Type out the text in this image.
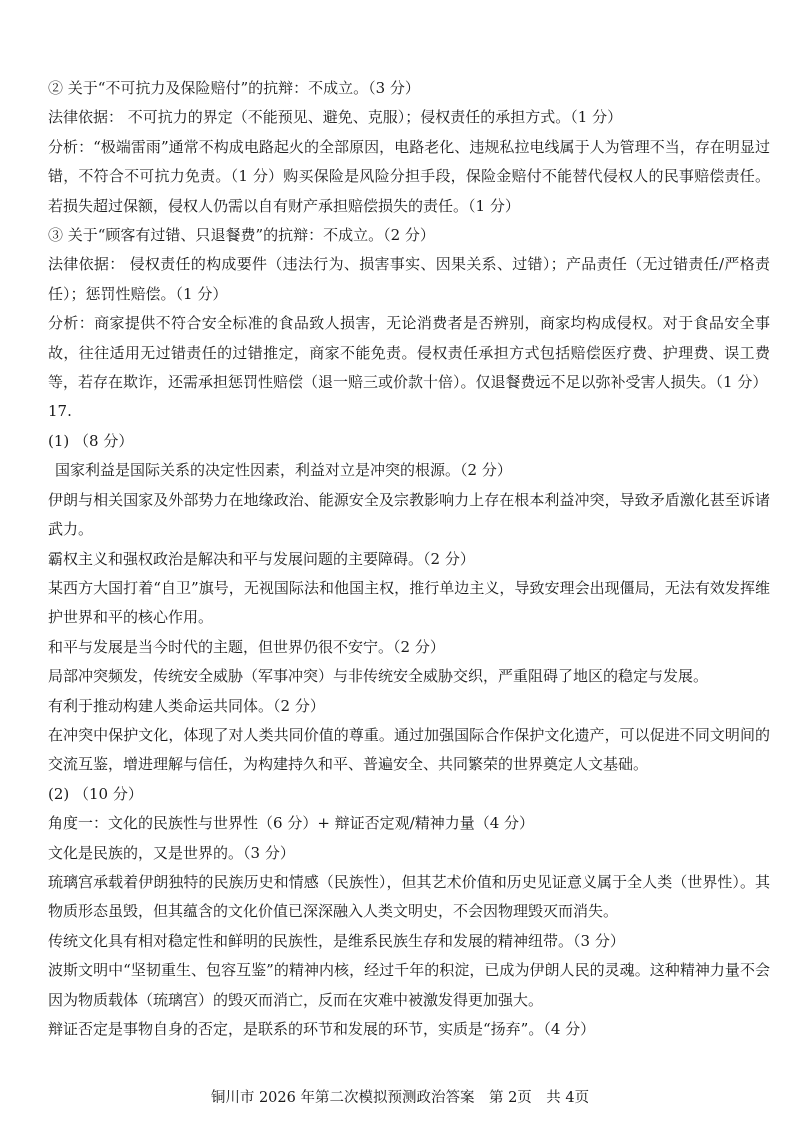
② 关于“不可抗力及保险赔付”的抗辩：不成立。（3 分）

法律依据： 不可抗力的界定（不能预见、避免、克服）；侵权责任的承担方式。（1 分）

分析：“极端雷雨”通常不构成电路起火的全部原因，电路老化、违规私拉电线属于人为管理不当，存在明显过错，不符合不可抗力免责。（1 分）购买保险是风险分担手段，保险金赔付不能替代侵权人的民事赔偿责任。若损失超过保额，侵权人仍需以自有财产承担赔偿损失的责任。（1 分）

③ 关于“顾客有过错、只退餐费”的抗辩：不成立。（2 分）

法律依据： 侵权责任的构成要件（违法行为、损害事实、因果关系、过错）；产品责任（无过错责任/严格责任）；惩罚性赔偿。（1 分）

分析：商家提供不符合安全标准的食品致人损害，无论消费者是否辨别，商家均构成侵权。对于食品安全事故，往往适用无过错责任的过错推定，商家不能免责。侵权责任承担方式包括赔偿医疗费、护理费、误工费等，若存在欺诈，还需承担惩罚性赔偿（退一赔三或价款十倍）。仅退餐费远不足以弥补受害人损失。（1 分）

17.

(1) （8 分）

国家利益是国际关系的决定性因素，利益对立是冲突的根源。（2 分）

伊朗与相关国家及外部势力在地缘政治、能源安全及宗教影响力上存在根本利益冲突，导致矛盾激化甚至诉诸武力。

霸权主义和强权政治是解决和平与发展问题的主要障碍。（2 分）

某西方大国打着“自卫”旗号，无视国际法和他国主权，推行单边主义，导致安理会出现僵局，无法有效发挥维护世界和平的核心作用。

和平与发展是当今时代的主题，但世界仍很不安宁。（2 分）

局部冲突频发，传统安全威胁（军事冲突）与非传统安全威胁交织，严重阻碍了地区的稳定与发展。

有利于推动构建人类命运共同体。（2 分）

在冲突中保护文化，体现了对人类共同价值的尊重。通过加强国际合作保护文化遗产，可以促进不同文明间的交流互鉴，增进理解与信任，为构建持久和平、普遍安全、共同繁荣的世界奠定人文基础。

(2) （10 分）

角度一：文化的民族性与世界性（6 分）+ 辩证否定观/精神力量（4 分）

文化是民族的，又是世界的。（3 分）

琉璃宫承载着伊朗独特的民族历史和情感（民族性），但其艺术价值和历史见证意义属于全人类（世界性）。其物质形态虽毁，但其蕴含的文化价值已深深融入人类文明史，不会因物理毁灭而消失。

传统文化具有相对稳定性和鲜明的民族性，是维系民族生存和发展的精神纽带。（3 分）

波斯文明中“坚韧重生、包容互鉴”的精神内核，经过千年的积淀，已成为伊朗人民的灵魂。这种精神力量不会因为物质载体（琉璃宫）的毁灭而消亡，反而在灾难中被激发得更加强大。

辩证否定是事物自身的否定，是联系的环节和发展的环节，实质是“扬弃”。（4 分）

铜川市 2026 年第二次模拟预测政治答案　第 2页　共 4页
